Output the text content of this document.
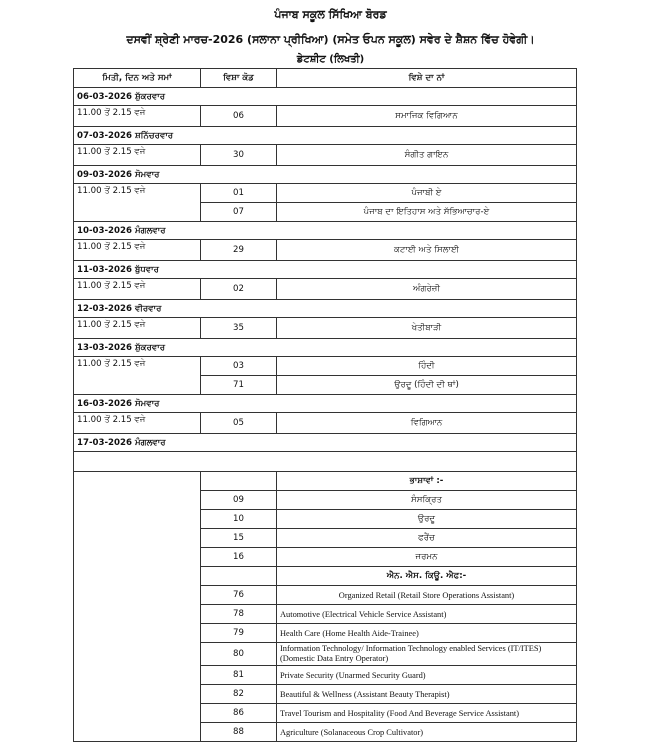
ਪੰਜਾਬ ਸਕੂਲ ਸਿੱਖਿਆ ਬੋਰਡ
ਦਸਵੀਂ ਸ਼੍ਰੇਣੀ ਮਾਰਚ-2026 (ਸਲਾਨਾ ਪ੍ਰੀਖਿਆ) (ਸਮੇਤ ਓਪਨ ਸਕੂਲ) ਸਵੇਰ ਦੇ ਸ਼ੈਸ਼ਨ ਵਿੱਚ ਹੋਵੇਗੀ।
ਡੇਟਸ਼ੀਟ (ਲਿਖਤੀ)
ਮਿਤੀ, ਦਿਨ ਅਤੇ ਸਮਾਂ	ਵਿਸ਼ਾ ਕੋਡ	ਵਿਸ਼ੇ ਦਾ ਨਾਂ
06-03-2026 ਸ਼ੁੱਕਰਵਾਰ		
11.00 ਤੋਂ 2.15 ਵਜੇ	06	ਸਮਾਜਿਕ ਵਿਗਿਆਨ
07-03-2026 ਸ਼ਨਿੱਚਰਵਾਰ		
11.00 ਤੋਂ 2.15 ਵਜੇ	30	ਸੰਗੀਤ ਗਾਇਨ
09-03-2026 ਸੋਮਵਾਰ		
11.00 ਤੋਂ 2.15 ਵਜੇ	01	ਪੰਜਾਬੀ ਏ
	07	ਪੰਜਾਬ ਦਾ ਇਤਿਹਾਸ ਅਤੇ ਸੱਭਿਆਚਾਰ-ਏ
10-03-2026 ਮੰਗਲਵਾਰ		
11.00 ਤੋਂ 2.15 ਵਜੇ	29	ਕਟਾਈ ਅਤੇ ਸਿਲਾਈ
11-03-2026 ਬੁੱਧਵਾਰ		
11.00 ਤੋਂ 2.15 ਵਜੇ	02	ਅੰਗਰੇਜ਼ੀ
12-03-2026 ਵੀਰਵਾਰ		
11.00 ਤੋਂ 2.15 ਵਜੇ	35	ਖੇਤੀਬਾੜੀ
13-03-2026 ਸ਼ੁੱਕਰਵਾਰ		
11.00 ਤੋਂ 2.15 ਵਜੇ	03	ਹਿੰਦੀ
	71	ਉਰਦੂ (ਹਿੰਦੀ ਦੀ ਥਾਂ)
16-03-2026 ਸੋਮਵਾਰ		
11.00 ਤੋਂ 2.15 ਵਜੇ	05	ਵਿਗਿਆਨ
17-03-2026 ਮੰਗਲਵਾਰ		

		ਭਾਸ਼ਾਵਾਂ :-
	09	ਸੰਸਕ੍ਰਿਤ
	10	ਉਰਦੂ
	15	ਫਰੈਂਚ
	16	ਜਰਮਨ
		ਐਨ. ਐਸ. ਕਿਊ. ਐਫ:-
	76	Organized Retail (Retail Store Operations Assistant)
	78	Automotive (Electrical Vehicle Service Assistant)
	79	Health Care (Home Health Aide-Trainee)
	80	Information Technology/ Information Technology enabled Services (IT/ITES) (Domestic Data Entry Operator)
	81	Private Security (Unarmed Security Guard)
	82	Beautiful & Wellness (Assistant Beauty Therapist)
	86	Travel Tourism and Hospitality (Food And Beverage Service Assistant)
	88	Agriculture (Solanaceous Crop Cultivator)
